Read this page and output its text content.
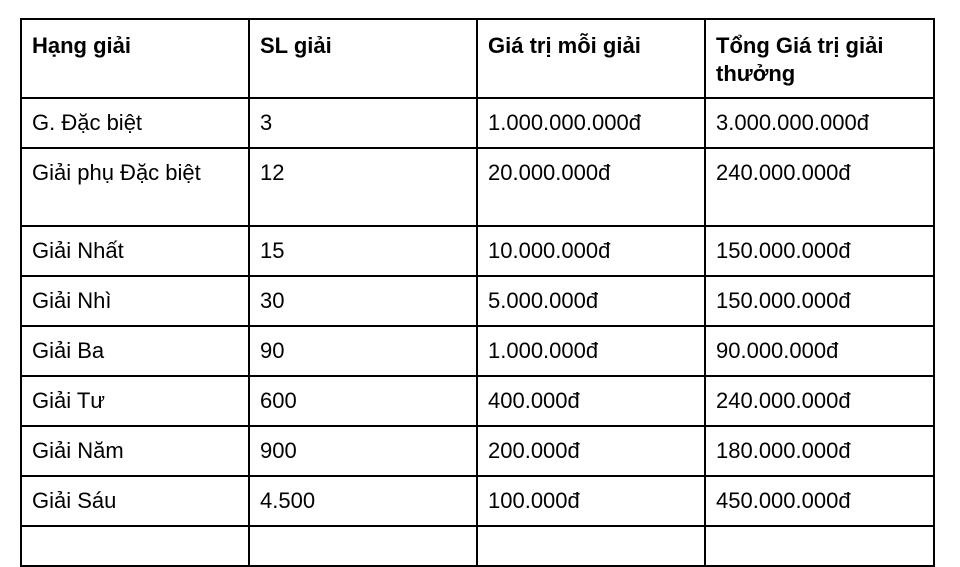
Hạng giải	SL giải	Giá trị mỗi giải	Tổng Giá trị giải thưởng
G. Đặc biệt	3	1.000.000.000đ	3.000.000.000đ
Giải phụ Đặc biệt	12	20.000.000đ	240.000.000đ
Giải Nhất	15	10.000.000đ	150.000.000đ
Giải Nhì	30	5.000.000đ	150.000.000đ
Giải Ba	90	1.000.000đ	90.000.000đ
Giải Tư	600	400.000đ	240.000.000đ
Giải Năm	900	200.000đ	180.000.000đ
Giải Sáu	4.500	100.000đ	450.000.000đ
